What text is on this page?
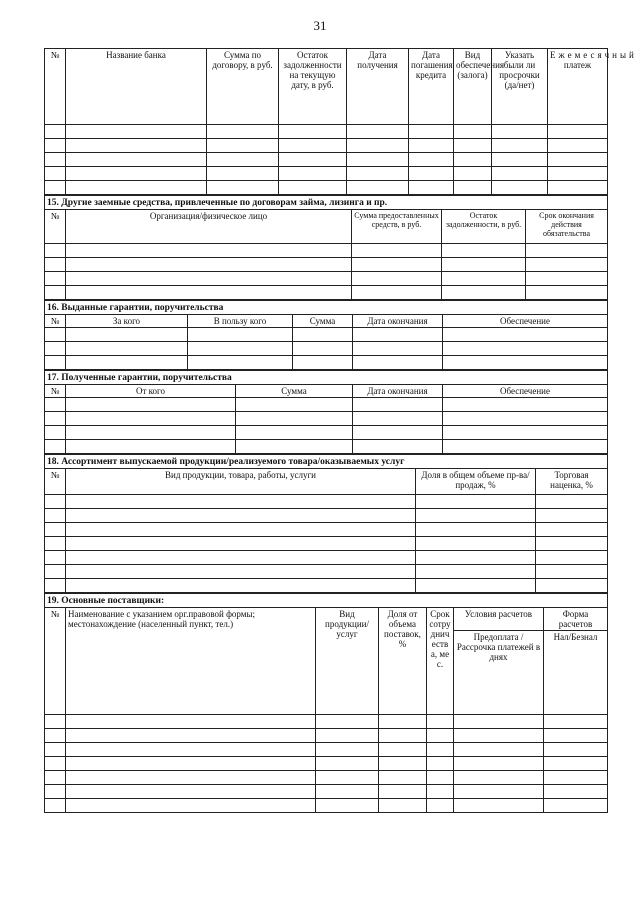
31
№	Название банка	Сумма по договору, в руб.	Остаток задолженности на текущую дату, в руб.	Дата получения	Дата погашения кредита	Вид обеспечения (залога)	Указать были ли просрочки (да/нет)	Ежемесячный
платеж

15. Другие заемные средства, привлеченные по договорам займа, лизинга и пр.				
№	Организация/физическое лицо	Сумма предоставленных средств, в руб.	Остаток задолженности, в руб.	Срок окончания действия обязательства

16. Выданные гарантии, поручительства					
№	За кого	В пользу кого	Сумма	Дата окончания	Обеспечение

17. Полученные гарантии, поручительства				
№	От кого	Сумма	Дата окончания	Обеспечение

18. Ассортимент выпускаемой продукции/реализуемого товара/оказываемых услуг			
№	Вид продукции, товара, работы, услуги	Доля в общем объеме пр-ва/продаж, %	Торговая наценка, %

19. Основные поставщики:						
№	Наименование с указанием орг.правовой формы; местонахождение (населенный пункт, тел.)	Вид продукции/услуг	Доля от объема поставок, %	Срок сотрудничества, мес.	Условия расчетов	Форма расчетов
					Предоплата / Рассрочка платежей в днях	Нал/Безнал
